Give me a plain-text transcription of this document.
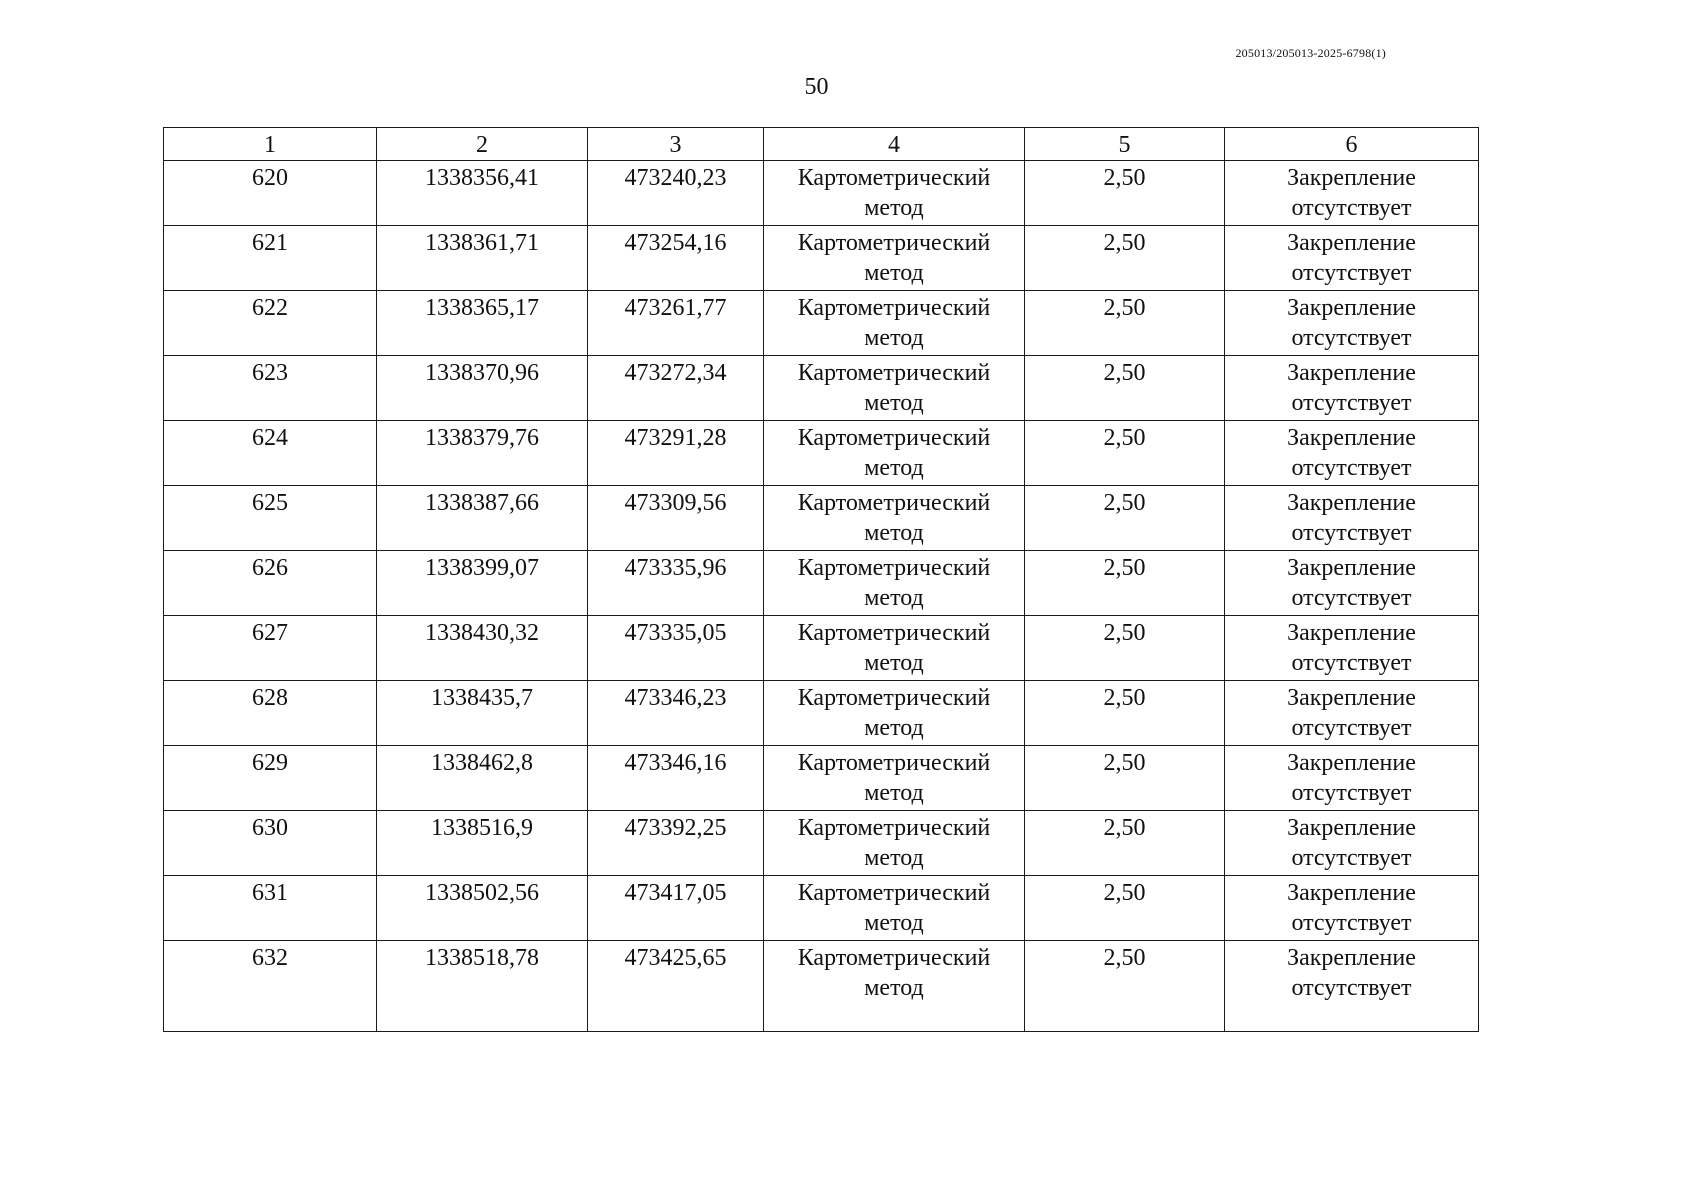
205013/205013-2025-6798(1)
50
1	2	3	4	5	6
620	1338356,41	473240,23	Картометрический метод	2,50	Закрепление отсутствует
621	1338361,71	473254,16	Картометрический метод	2,50	Закрепление отсутствует
622	1338365,17	473261,77	Картометрический метод	2,50	Закрепление отсутствует
623	1338370,96	473272,34	Картометрический метод	2,50	Закрепление отсутствует
624	1338379,76	473291,28	Картометрический метод	2,50	Закрепление отсутствует
625	1338387,66	473309,56	Картометрический метод	2,50	Закрепление отсутствует
626	1338399,07	473335,96	Картометрический метод	2,50	Закрепление отсутствует
627	1338430,32	473335,05	Картометрический метод	2,50	Закрепление отсутствует
628	1338435,7	473346,23	Картометрический метод	2,50	Закрепление отсутствует
629	1338462,8	473346,16	Картометрический метод	2,50	Закрепление отсутствует
630	1338516,9	473392,25	Картометрический метод	2,50	Закрепление отсутствует
631	1338502,56	473417,05	Картометрический метод	2,50	Закрепление отсутствует
632	1338518,78	473425,65	Картометрический метод	2,50	Закрепление отсутствует
